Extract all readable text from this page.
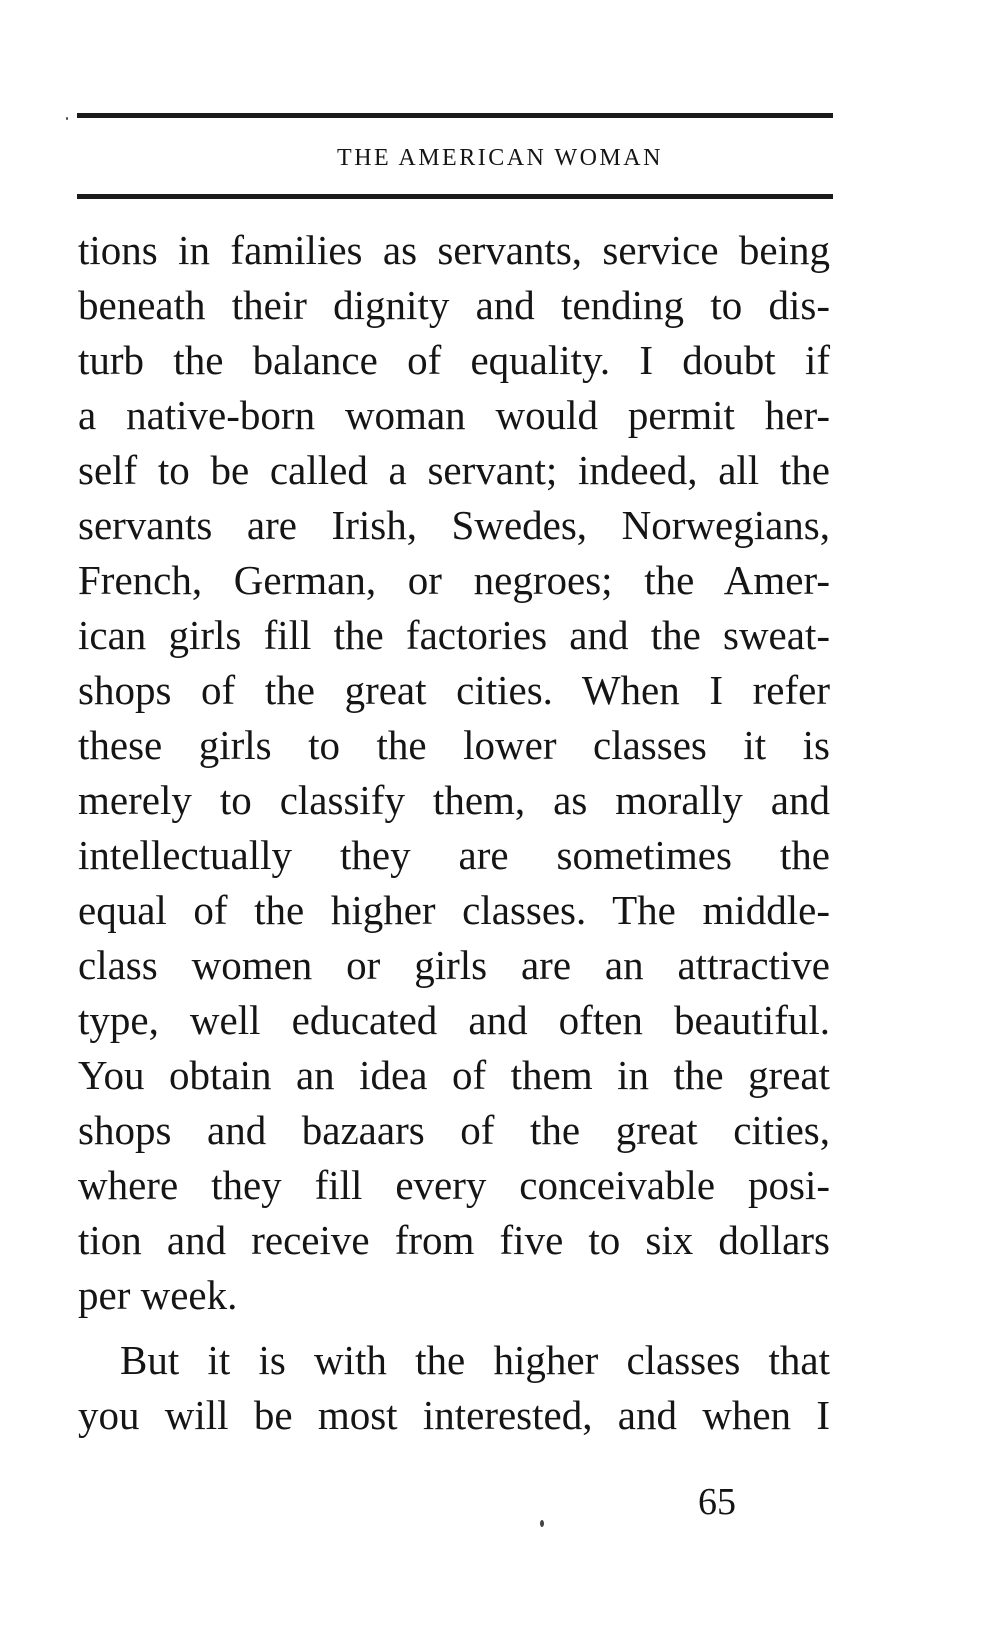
THE AMERICAN WOMAN
tions in families as servants, service being
beneath their dignity and tending to dis-
turb the balance of equality. I doubt if
a native-born woman would permit her-
self to be called a servant; indeed, all the
servants are Irish, Swedes, Norwegians,
French, German, or negroes; the Amer-
ican girls fill the factories and the sweat-
shops of the great cities. When I refer
these girls to the lower classes it is
merely to classify them, as morally and
intellectually they are sometimes the
equal of the higher classes. The middle-
class women or girls are an attractive
type, well educated and often beautiful.
You obtain an idea of them in the great
shops and bazaars of the great cities,
where they fill every conceivable posi-
tion and receive from five to six dollars
per week.
But it is with the higher classes that
you will be most interested, and when I
65
